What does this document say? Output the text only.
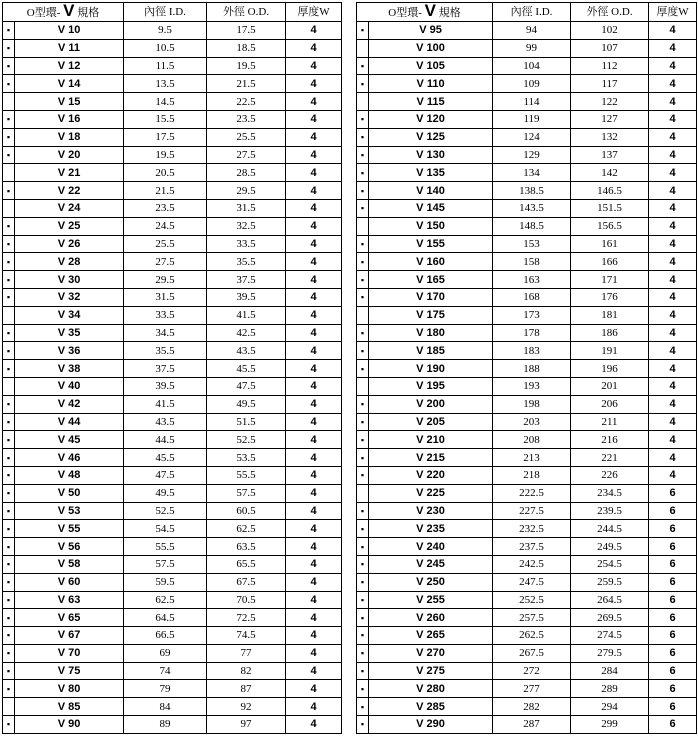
O型環- V 規格		內徑 I.D.	外徑 O.D.	厚度W
▪	V 10	9.5	17.5	4
▪	V 11	10.5	18.5	4
▪	V 12	11.5	19.5	4
▪	V 14	13.5	21.5	4
	V 15	14.5	22.5	4
▪	V 16	15.5	23.5	4
▪	V 18	17.5	25.5	4
▪	V 20	19.5	27.5	4
	V 21	20.5	28.5	4
▪	V 22	21.5	29.5	4
	V 24	23.5	31.5	4
▪	V 25	24.5	32.5	4
▪	V 26	25.5	33.5	4
▪	V 28	27.5	35.5	4
▪	V 30	29.5	37.5	4
▪	V 32	31.5	39.5	4
	V 34	33.5	41.5	4
▪	V 35	34.5	42.5	4
▪	V 36	35.5	43.5	4
▪	V 38	37.5	45.5	4
	V 40	39.5	47.5	4
▪	V 42	41.5	49.5	4
▪	V 44	43.5	51.5	4
▪	V 45	44.5	52.5	4
▪	V 46	45.5	53.5	4
▪	V 48	47.5	55.5	4
▪	V 50	49.5	57.5	4
▪	V 53	52.5	60.5	4
▪	V 55	54.5	62.5	4
▪	V 56	55.5	63.5	4
▪	V 58	57.5	65.5	4
▪	V 60	59.5	67.5	4
▪	V 63	62.5	70.5	4
▪	V 65	64.5	72.5	4
▪	V 67	66.5	74.5	4
▪	V 70	69	77	4
▪	V 75	74	82	4
▪	V 80	79	87	4
	V 85	84	92	4
▪	V 90	89	97	4
O型環- V 規格		內徑 I.D.	外徑 O.D.	厚度W
▪	V 95	94	102	4
	V 100	99	107	4
▪	V 105	104	112	4
▪	V 110	109	117	4
	V 115	114	122	4
▪	V 120	119	127	4
▪	V 125	124	132	4
▪	V 130	129	137	4
▪	V 135	134	142	4
▪	V 140	138.5	146.5	4
▪	V 145	143.5	151.5	4
	V 150	148.5	156.5	4
▪	V 155	153	161	4
▪	V 160	158	166	4
▪	V 165	163	171	4
▪	V 170	168	176	4
	V 175	173	181	4
▪	V 180	178	186	4
▪	V 185	183	191	4
▪	V 190	188	196	4
	V 195	193	201	4
▪	V 200	198	206	4
▪	V 205	203	211	4
▪	V 210	208	216	4
▪	V 215	213	221	4
▪	V 220	218	226	4
	V 225	222.5	234.5	6
▪	V 230	227.5	239.5	6
▪	V 235	232.5	244.5	6
▪	V 240	237.5	249.5	6
▪	V 245	242.5	254.5	6
▪	V 250	247.5	259.5	6
▪	V 255	252.5	264.5	6
▪	V 260	257.5	269.5	6
▪	V 265	262.5	274.5	6
▪	V 270	267.5	279.5	6
▪	V 275	272	284	6
▪	V 280	277	289	6
▪	V 285	282	294	6
▪	V 290	287	299	6
